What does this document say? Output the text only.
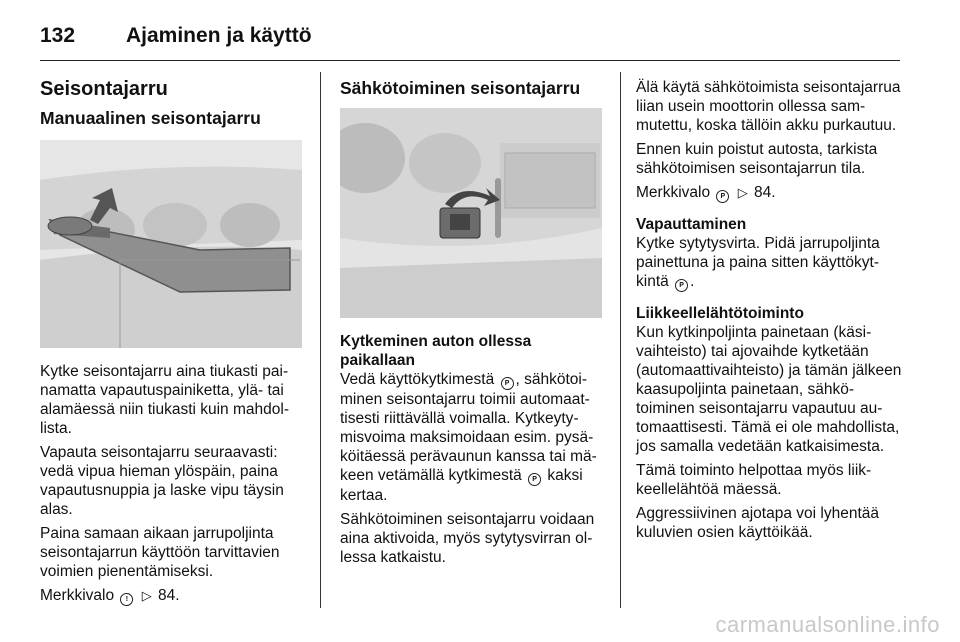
132	Ajaminen ja käyttö
Seisontajarru
Manuaalinen seisontajarru

Kytke seisontajarru aina tiukasti painamatta vapautuspainiketta, ylä- tai alamäessä niin tiukasti kuin mahdollista.

Vapauta seisontajarru seuraavasti: vedä vipua hieman ylöspäin, paina vapautusnuppia ja laske vipu täysin alas.

Paina samaan aikaan jarrupoljinta seisontajarrun käyttöön tarvittavien voimien pienentämiseksi.

Merkkivalo ! ▷ 84.

Sähkötoiminen seisontajarru

Kytkeminen auton ollessa paikallaan

Vedä käyttökytkimestä P , sähkötoiminen seisontajarru toimii automaattisesti riittävällä voimalla. Kytkeytymisvoima maksimoidaan esim. pysäköitäessä perävaunun kanssa tai mäkeen vetämällä kytkimestä P kaksi kertaa.

Sähkötoiminen seisontajarru voidaan aina aktivoida, myös sytytysvirran ollessa katkaistu.

Älä käytä sähkötoimista seisontajarrua liian usein moottorin ollessa sammutettu, koska tällöin akku purkautuu.

Ennen kuin poistut autosta, tarkista sähkötoimisen seisontajarrun tila.

Merkkivalo P ▷ 84.

Vapauttaminen

Kytke sytytysvirta. Pidä jarrupoljinta painettuna ja paina sitten käyttökytkintä P .

Liikkeellelähtötoiminto

Kun kytkinpoljinta painetaan (käsivaihteisto) tai ajovaihde kytketään (automaattivaihteisto) ja tämän jälkeen kaasupoljinta painetaan, sähkötoiminen seisontajarru vapautuu automaattisesti. Tämä ei ole mahdollista, jos samalla vedetään katkaisimesta.

Tämä toiminto helpottaa myös liikkeellelähtöä mäessä.

Aggressiivinen ajotapa voi lyhentää kuluvien osien käyttöikää.

carmanualsonline.info
